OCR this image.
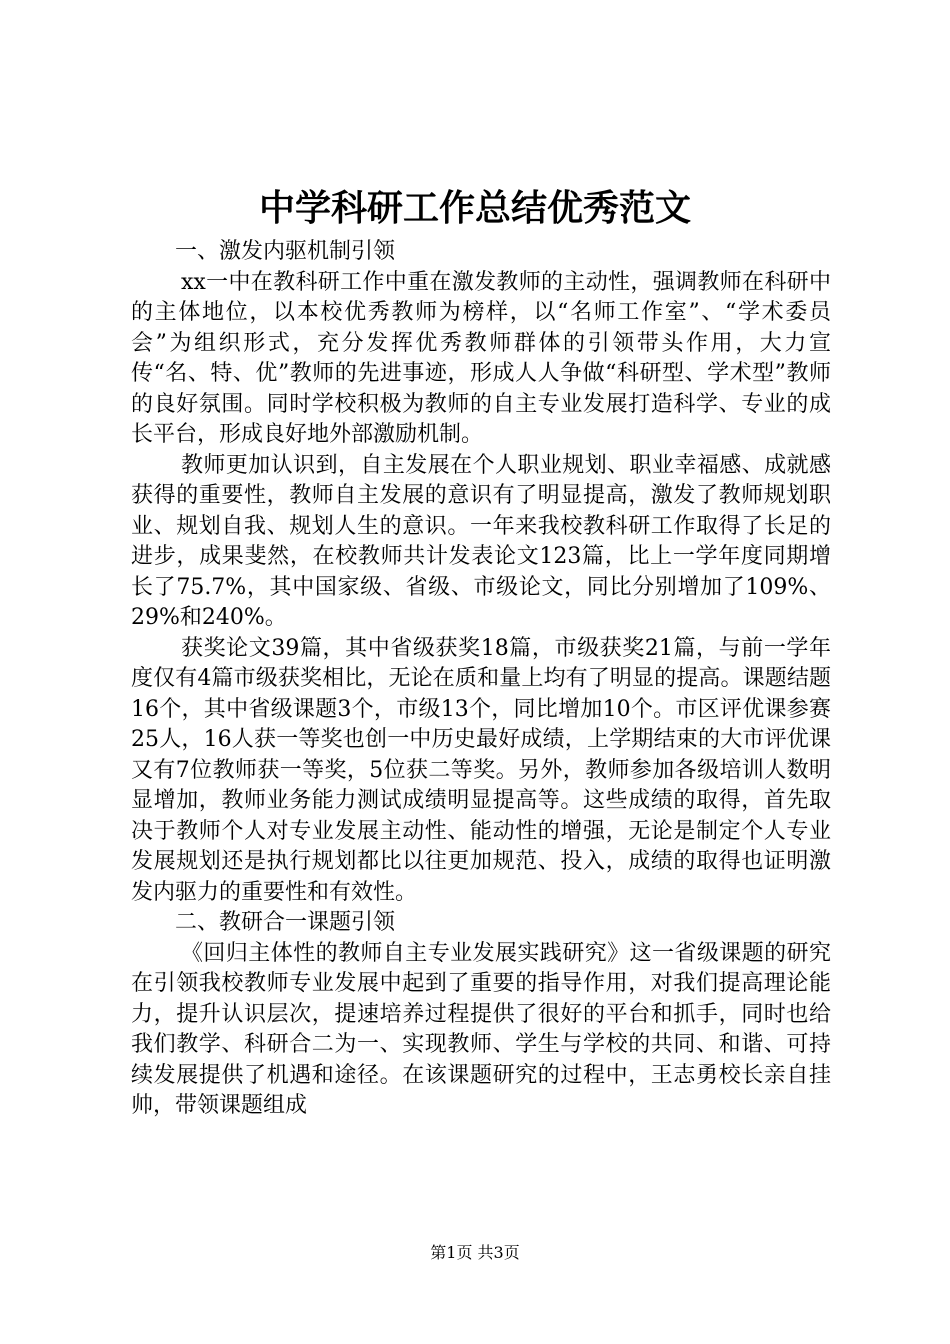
中学科研工作总结优秀范文

一、激发内驱机制引领

xx一中在教科研工作中重在激发教师的主动性，强调教师在科研中的主体地位，以本校优秀教师为榜样，以“名师工作室”、“学术委员会”为组织形式，充分发挥优秀教师群体的引领带头作用，大力宣传“名、特、优”教师的先进事迹，形成人人争做“科研型、学术型”教师的良好氛围。同时学校积极为教师的自主专业发展打造科学、专业的成长平台，形成良好地外部激励机制。

教师更加认识到，自主发展在个人职业规划、职业幸福感、成就感获得的重要性，教师自主发展的意识有了明显提高，激发了教师规划职业、规划自我、规划人生的意识。一年来我校教科研工作取得了长足的进步，成果斐然，在校教师共计发表论文123篇，比上一学年度同期增长了75.7%，其中国家级、省级、市级论文，同比分别增加了109%、29%和240%。

获奖论文39篇，其中省级获奖18篇，市级获奖21篇，与前一学年度仅有4篇市级获奖相比，无论在质和量上均有了明显的提高。课题结题16个，其中省级课题3个，市级13个，同比增加10个。市区评优课参赛25人，16人获一等奖也创一中历史最好成绩，上学期结束的大市评优课又有7位教师获一等奖，5位获二等奖。另外，教师参加各级培训人数明显增加，教师业务能力测试成绩明显提高等。这些成绩的取得，首先取决于教师个人对专业发展主动性、能动性的增强，无论是制定个人专业发展规划还是执行规划都比以往更加规范、投入，成绩的取得也证明激发内驱力的重要性和有效性。

二、教研合一课题引领

《回归主体性的教师自主专业发展实践研究》这一省级课题的研究在引领我校教师专业发展中起到了重要的指导作用，对我们提高理论能力，提升认识层次，提速培养过程提供了很好的平台和抓手，同时也给我们教学、科研合二为一、实现教师、学生与学校的共同、和谐、可持续发展提供了机遇和途径。在该课题研究的过程中，王志勇校长亲自挂帅，带领课题组成

第1页 共3页
